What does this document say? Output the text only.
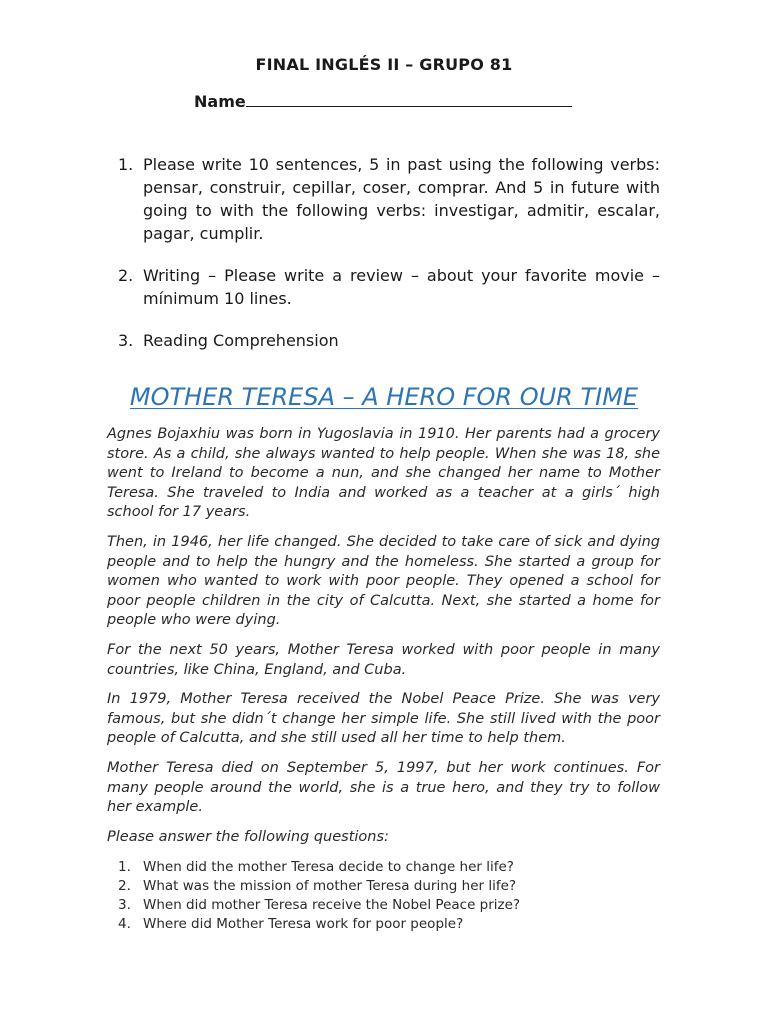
FINAL INGLÉS II – GRUPO 81
Name
1. Please write 10 sentences, 5 in past using the following verbs: pensar, construir, cepillar, coser, comprar. And 5 in future with going to with the following verbs: investigar, admitir, escalar, pagar, cumplir.
2. Writing – Please write a review – about your favorite movie – mínimum 10 lines.
3. Reading Comprehension
MOTHER TERESA – A HERO FOR OUR TIME

Agnes Bojaxhiu was born in Yugoslavia in 1910. Her parents had a grocery store. As a child, she always wanted to help people. When she was 18, she went to Ireland to become a nun, and she changed her name to Mother Teresa. She traveled to India and worked as a teacher at a girls´ high school for 17 years.

Then, in 1946, her life changed. She decided to take care of sick and dying people and to help the hungry and the homeless. She started a group for women who wanted to work with poor people. They opened a school for poor people children in the city of Calcutta. Next, she started a home for people who were dying.

For the next 50 years, Mother Teresa worked with poor people in many countries, like China, England, and Cuba.

In 1979, Mother Teresa received the Nobel Peace Prize. She was very famous, but she didn´t change her simple life. She still lived with the poor people of Calcutta, and she still used all her time to help them.

Mother Teresa died on September 5, 1997, but her work continues. For many people around the world, she is a true hero, and they try to follow her example.

Please answer the following questions:

1. When did the mother Teresa decide to change her life?
2. What was the mission of mother Teresa during her life?
3. When did mother Teresa receive the Nobel Peace prize?
4. Where did Mother Teresa work for poor people?
